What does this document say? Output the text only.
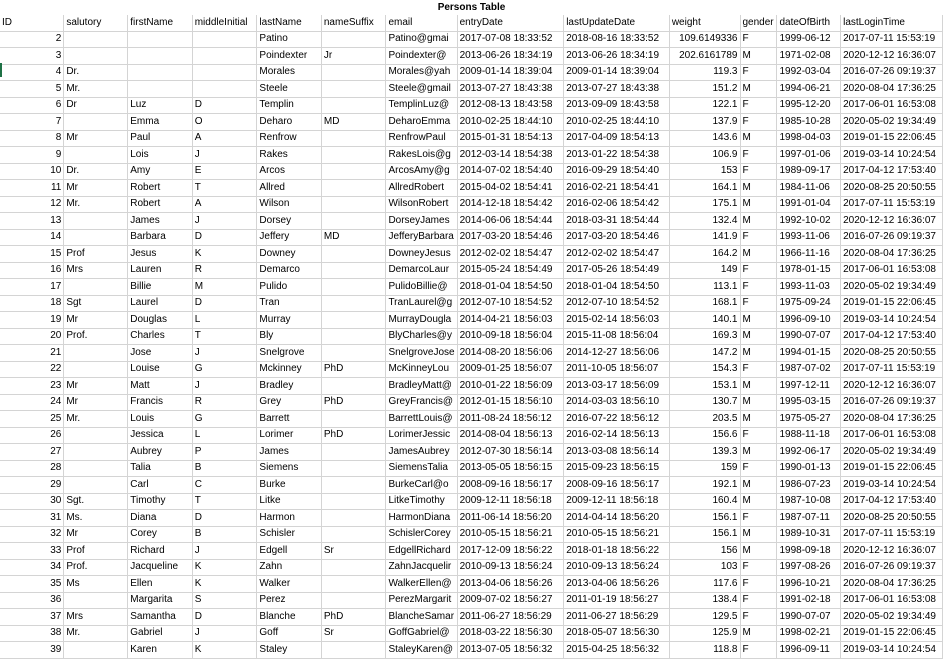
Persons Table
ID	salutory	firstName	middleInitial	lastName	nameSuffix	email	entryDate	lastUpdateDate	weight	gender	dateOfBirth	lastLoginTime
2				Patino		Patino@gmai	2017-07-08 18:33:52	2018-08-16 18:33:52	109.6149336	F	1999-06-12	2017-07-11 15:53:19
3				Poindexter	Jr	Poindexter@	2013-06-26 18:34:19	2013-06-26 18:34:19	202.6161789	M	1971-02-08	2020-12-12 16:36:07
4	Dr.			Morales		Morales@yah	2009-01-14 18:39:04	2009-01-14 18:39:04	119.3	F	1992-03-04	2016-07-26 09:19:37
5	Mr.			Steele		Steele@gmail	2013-07-27 18:43:38	2013-07-27 18:43:38	151.2	M	1994-06-21	2020-08-04 17:36:25
6	Dr	Luz	D	Templin		TemplinLuz@	2012-08-13 18:43:58	2013-09-09 18:43:58	122.1	F	1995-12-20	2017-06-01 16:53:08
7		Emma	O	Deharo	MD	DeharoEmma	2010-02-25 18:44:10	2010-02-25 18:44:10	137.9	F	1985-10-28	2020-05-02 19:34:49
8	Mr	Paul	A	Renfrow		RenfrowPaul	2015-01-31 18:54:13	2017-04-09 18:54:13	143.6	M	1998-04-03	2019-01-15 22:06:45
9		Lois	J	Rakes		RakesLois@g	2012-03-14 18:54:38	2013-01-22 18:54:38	106.9	F	1997-01-06	2019-03-14 10:24:54
10	Dr.	Amy	E	Arcos		ArcosAmy@g	2014-07-02 18:54:40	2016-09-29 18:54:40	153	F	1989-09-17	2017-04-12 17:53:40
11	Mr	Robert	T	Allred		AllredRobert	2015-04-02 18:54:41	2016-02-21 18:54:41	164.1	M	1984-11-06	2020-08-25 20:50:55
12	Mr.	Robert	A	Wilson		WilsonRobert	2014-12-18 18:54:42	2016-02-06 18:54:42	175.1	M	1991-01-04	2017-07-11 15:53:19
13		James	J	Dorsey		DorseyJames	2014-06-06 18:54:44	2018-03-31 18:54:44	132.4	M	1992-10-02	2020-12-12 16:36:07
14		Barbara	D	Jeffery	MD	JefferyBarbara	2017-03-20 18:54:46	2017-03-20 18:54:46	141.9	F	1993-11-06	2016-07-26 09:19:37
15	Prof	Jesus	K	Downey		DowneyJesus	2012-02-02 18:54:47	2012-02-02 18:54:47	164.2	M	1966-11-16	2020-08-04 17:36:25
16	Mrs	Lauren	R	Demarco		DemarcoLaur	2015-05-24 18:54:49	2017-05-26 18:54:49	149	F	1978-01-15	2017-06-01 16:53:08
17		Billie	M	Pulido		PulidoBillie@	2018-01-04 18:54:50	2018-01-04 18:54:50	113.1	F	1993-11-03	2020-05-02 19:34:49
18	Sgt	Laurel	D	Tran		TranLaurel@g	2012-07-10 18:54:52	2012-07-10 18:54:52	168.1	F	1975-09-24	2019-01-15 22:06:45
19	Mr	Douglas	L	Murray		MurrayDougla	2014-04-21 18:56:03	2015-02-14 18:56:03	140.1	M	1996-09-10	2019-03-14 10:24:54
20	Prof.	Charles	T	Bly		BlyCharles@y	2010-09-18 18:56:04	2015-11-08 18:56:04	169.3	M	1990-07-07	2017-04-12 17:53:40
21		Jose	J	Snelgrove		SnelgroveJose	2014-08-20 18:56:06	2014-12-27 18:56:06	147.2	M	1994-01-15	2020-08-25 20:50:55
22		Louise	G	Mckinney	PhD	McKinneyLou	2009-01-25 18:56:07	2011-10-05 18:56:07	154.3	F	1987-07-02	2017-07-11 15:53:19
23	Mr	Matt	J	Bradley		BradleyMatt@	2010-01-22 18:56:09	2013-03-17 18:56:09	153.1	M	1997-12-11	2020-12-12 16:36:07
24	Mr	Francis	R	Grey	PhD	GreyFrancis@	2012-01-15 18:56:10	2014-03-03 18:56:10	130.7	M	1995-03-15	2016-07-26 09:19:37
25	Mr.	Louis	G	Barrett		BarrettLouis@	2011-08-24 18:56:12	2016-07-22 18:56:12	203.5	M	1975-05-27	2020-08-04 17:36:25
26		Jessica	L	Lorimer	PhD	LorimerJessic	2014-08-04 18:56:13	2016-02-14 18:56:13	156.6	F	1988-11-18	2017-06-01 16:53:08
27		Aubrey	P	James		JamesAubrey	2012-07-30 18:56:14	2013-03-08 18:56:14	139.3	M	1992-06-17	2020-05-02 19:34:49
28		Talia	B	Siemens		SiemensTalia	2013-05-05 18:56:15	2015-09-23 18:56:15	159	F	1990-01-13	2019-01-15 22:06:45
29		Carl	C	Burke		BurkeCarl@o	2008-09-16 18:56:17	2008-09-16 18:56:17	192.1	M	1986-07-23	2019-03-14 10:24:54
30	Sgt.	Timothy	T	Litke		LitkeTimothy	2009-12-11 18:56:18	2009-12-11 18:56:18	160.4	M	1987-10-08	2017-04-12 17:53:40
31	Ms.	Diana	D	Harmon		HarmonDiana	2011-06-14 18:56:20	2014-04-14 18:56:20	156.1	F	1987-07-11	2020-08-25 20:50:55
32	Mr	Corey	B	Schisler		SchislerCorey	2010-05-15 18:56:21	2010-05-15 18:56:21	156.1	M	1989-10-31	2017-07-11 15:53:19
33	Prof	Richard	J	Edgell	Sr	EdgellRichard	2017-12-09 18:56:22	2018-01-18 18:56:22	156	M	1998-09-18	2020-12-12 16:36:07
34	Prof.	Jacqueline	K	Zahn		ZahnJacquelir	2010-09-13 18:56:24	2010-09-13 18:56:24	103	F	1997-08-26	2016-07-26 09:19:37
35	Ms	Ellen	K	Walker		WalkerEllen@	2013-04-06 18:56:26	2013-04-06 18:56:26	117.6	F	1996-10-21	2020-08-04 17:36:25
36		Margarita	S	Perez		PerezMargarit	2009-07-02 18:56:27	2011-01-19 18:56:27	138.4	F	1991-02-18	2017-06-01 16:53:08
37	Mrs	Samantha	D	Blanche	PhD	BlancheSamar	2011-06-27 18:56:29	2011-06-27 18:56:29	129.5	F	1990-07-07	2020-05-02 19:34:49
38	Mr.	Gabriel	J	Goff	Sr	GoffGabriel@	2018-03-22 18:56:30	2018-05-07 18:56:30	125.9	M	1998-02-21	2019-01-15 22:06:45
39		Karen	K	Staley		StaleyKaren@	2013-07-05 18:56:32	2015-04-25 18:56:32	118.8	F	1996-09-11	2019-03-14 10:24:54
